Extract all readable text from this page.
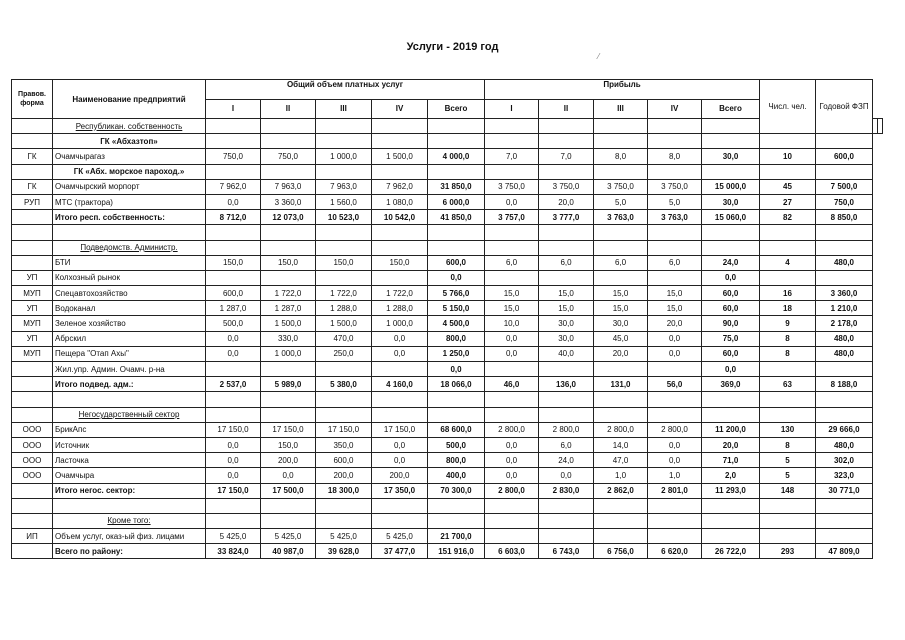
Услуги - 2019 год
⁄
Правов. форма	Наименование предприятий	Общий объем платных услуг					Прибыль					Числ. чел.	Годовой ФЗП		
		I	II	III	IV	Всего	I	II	III	IV	Всего				
	Республикан. собственность														
	ГК «Абхазтоп»														
ГК	Очамчырагаз	750,0	750,0	1 000,0	1 500,0	4 000,0	7,0	7,0	8,0	8,0	30,0	10	600,0		
	ГК «Абх. морское пароход.»														
ГК	Очамчырский морпорт	7 962,0	7 963,0	7 963,0	7 962,0	31 850,0	3 750,0	3 750,0	3 750,0	3 750,0	15 000,0	45	7 500,0		
РУП	МТС (трактора)	0,0	3 360,0	1 560,0	1 080,0	6 000,0	0,0	20,0	5,0	5,0	30,0	27	750,0		
	Итого респ. собственность:	8 712,0	12 073,0	10 523,0	10 542,0	41 850,0	3 757,0	3 777,0	3 763,0	3 763,0	15 060,0	82	8 850,0		

	Подведомств. Администр.														
	БТИ	150,0	150,0	150,0	150,0	600,0	6,0	6,0	6,0	6,0	24,0	4	480,0		
УП	Колхозный рынок					0,0					0,0				
МУП	Спецавтохозяйство	600,0	1 722,0	1 722,0	1 722,0	5 766,0	15,0	15,0	15,0	15,0	60,0	16	3 360,0		
УП	Водоканал	1 287,0	1 287,0	1 288,0	1 288,0	5 150,0	15,0	15,0	15,0	15,0	60,0	18	1 210,0		
МУП	Зеленое хозяйство	500,0	1 500,0	1 500,0	1 000,0	4 500,0	10,0	30,0	30,0	20,0	90,0	9	2 178,0		
УП	Абрскил	0,0	330,0	470,0	0,0	800,0	0,0	30,0	45,0	0,0	75,0	8	480,0		
МУП	Пещера "Отап Ахы"	0,0	1 000,0	250,0	0,0	1 250,0	0,0	40,0	20,0	0,0	60,0	8	480,0		
	Жил.упр. Админ. Очамч. р-на					0,0					0,0				
	Итого подвед. адм.:	2 537,0	5 989,0	5 380,0	4 160,0	18 066,0	46,0	136,0	131,0	56,0	369,0	63	8 188,0		

	Негосударственный сектор														
ООО	БрикАпс	17 150,0	17 150,0	17 150,0	17 150,0	68 600,0	2 800,0	2 800,0	2 800,0	2 800,0	11 200,0	130	29 666,0		
ООО	Источник	0,0	150,0	350,0	0,0	500,0	0,0	6,0	14,0	0,0	20,0	8	480,0		
ООО	Ласточка	0,0	200,0	600,0	0,0	800,0	0,0	24,0	47,0	0,0	71,0	5	302,0		
ООО	Очамчыра	0,0	0,0	200,0	200,0	400,0	0,0	0,0	1,0	1,0	2,0	5	323,0		
	Итого негос. сектор:	17 150,0	17 500,0	18 300,0	17 350,0	70 300,0	2 800,0	2 830,0	2 862,0	2 801,0	11 293,0	148	30 771,0		

	Кроме того:														
ИП	Объем услуг, оказ-ый физ. лицами	5 425,0	5 425,0	5 425,0	5 425,0	21 700,0									
	Всего по району:	33 824,0	40 987,0	39 628,0	37 477,0	151 916,0	6 603,0	6 743,0	6 756,0	6 620,0	26 722,0	293	47 809,0		
